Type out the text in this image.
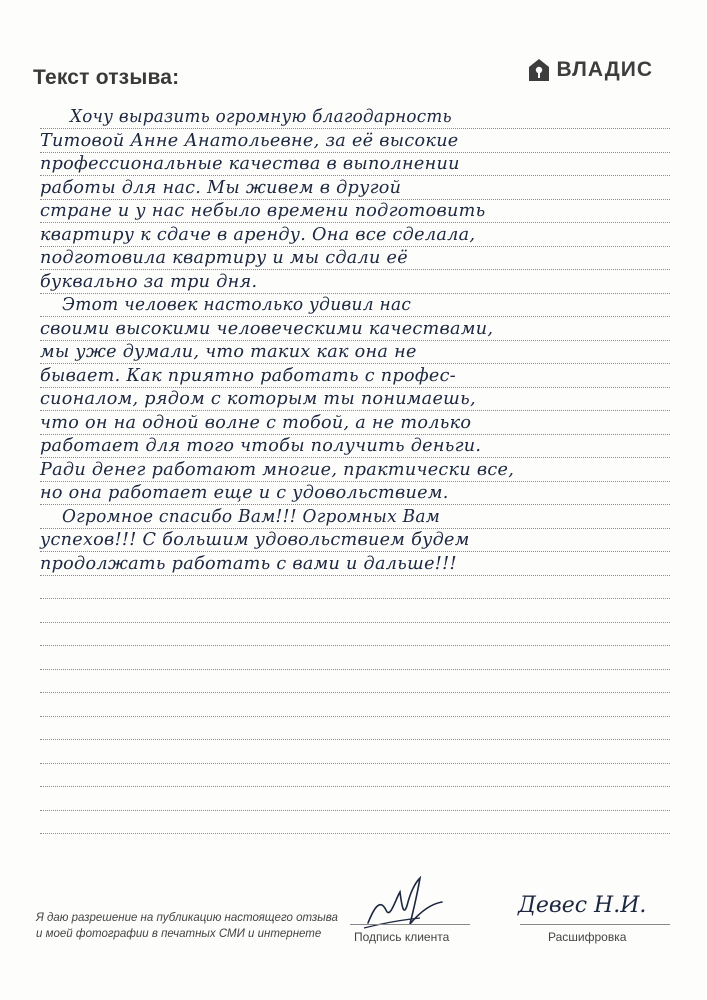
Текст отзыва:	ВЛАДИС
Хочу выразить огромную благодарность
Титовой Анне Анатольевне, за её высокие
профессиональные качества в выполнении
работы для нас. Мы живем в другой
стране и у нас небыло времени подготовить
квартиру к сдаче в аренду. Она все сделала,
подготовила квартиру и мы сдали её
буквально за три дня.
Этот человек настолько удивил нас
своими высокими человеческими качествами,
мы уже думали, что таких как она не
бывает. Как приятно работать с профес-
сионалом, рядом с которым ты понимаешь,
что он на одной волне с тобой, а не только
работает для того чтобы получить деньги.
Ради денег работают многие, практически все,
но она работает еще и с удовольствием.
Огромное спасибо Вам!!! Огромных Вам
успехов!!! С большим удовольствием будем
продолжать работать с вами и дальше!!!
Я даю разрешение на публикацию настоящего отзыва
и моей фотографии в печатных СМИ и интернете	Подпись клиента
Девес Н.И.
Расшифровка
